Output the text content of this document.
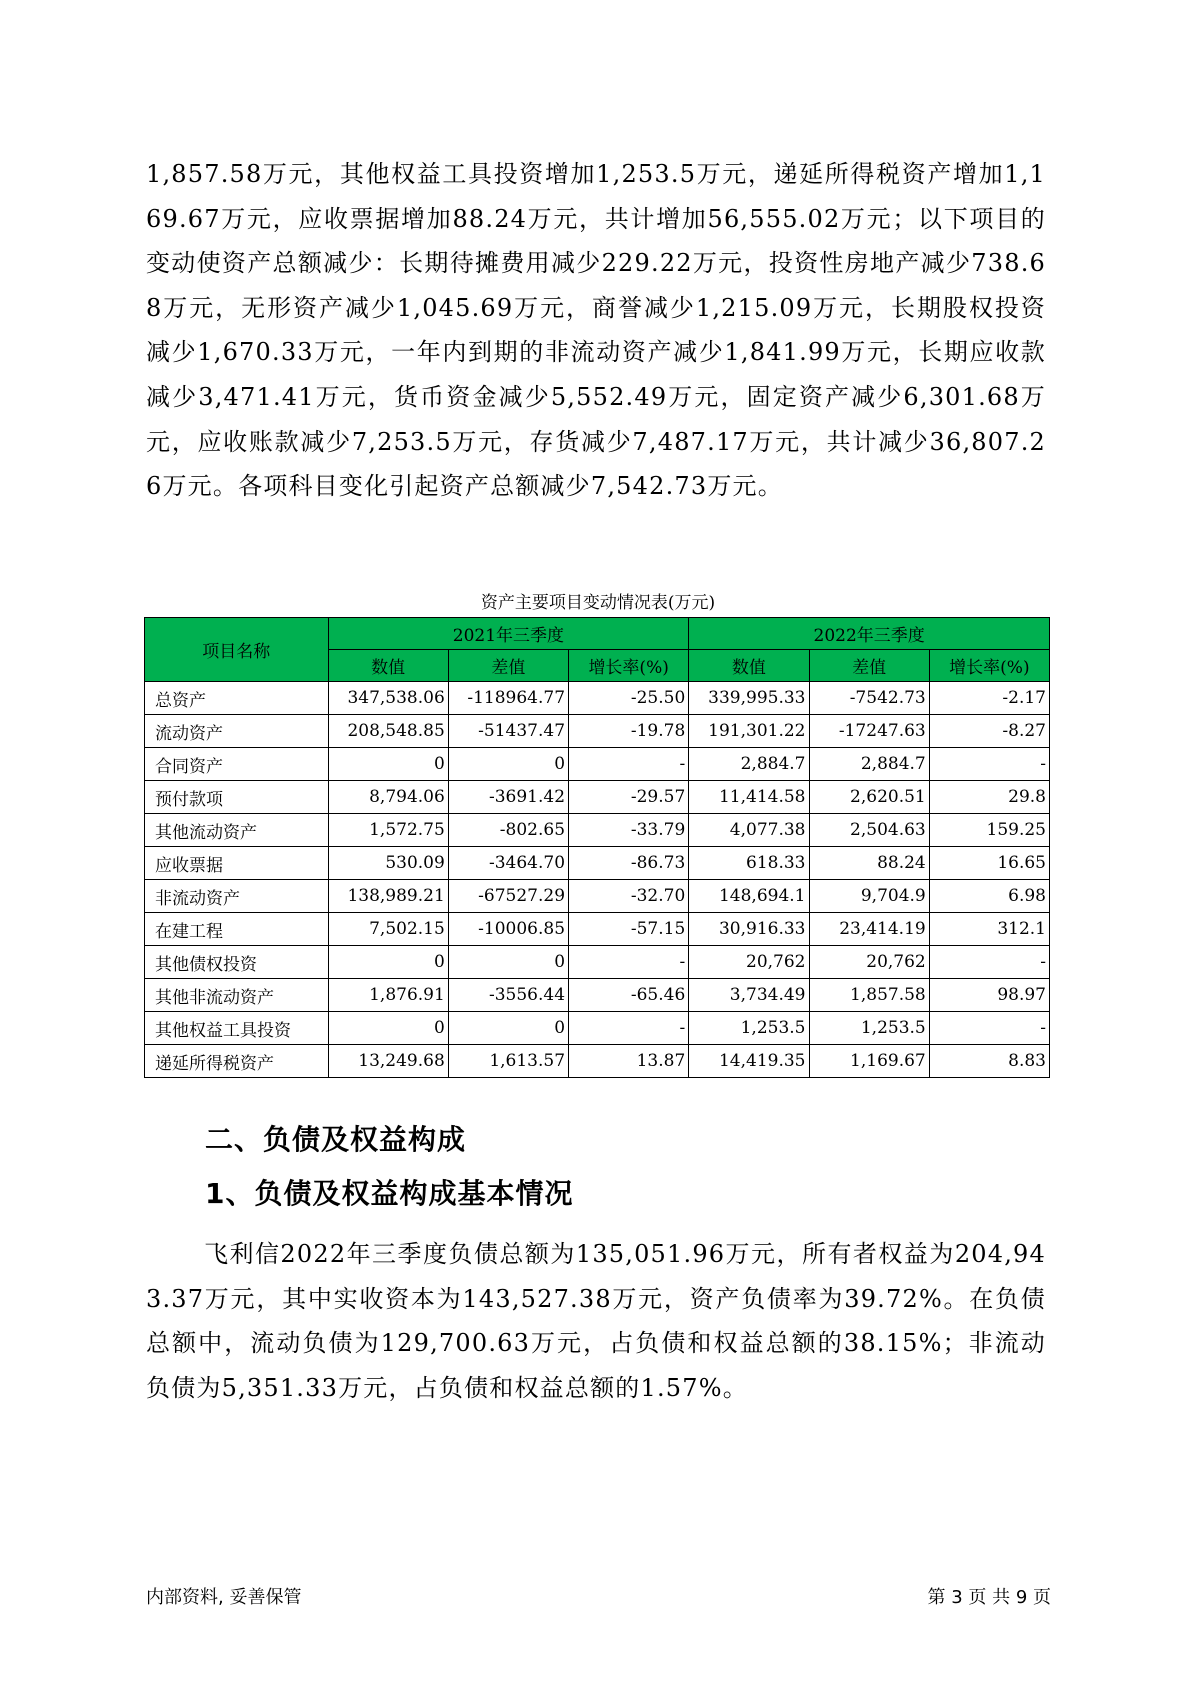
1,857.58万元，其他权益工具投资增加1,253.5万元，递延所得税资产增加1,169.67万元，应收票据增加88.24万元，共计增加56,555.02万元；以下项目的变动使资产总额减少：长期待摊费用减少229.22万元，投资性房地产减少738.68万元，无形资产减少1,045.69万元，商誉减少1,215.09万元，长期股权投资减少1,670.33万元，一年内到期的非流动资产减少1,841.99万元，长期应收款减少3,471.41万元，货币资金减少5,552.49万元，固定资产减少6,301.68万元，应收账款减少7,253.5万元，存货减少7,487.17万元，共计减少36,807.26万元。各项科目变化引起资产总额减少7,542.73万元。

资产主要项目变动情况表(万元)
项目名称	2021年三季度			2022年三季度		
	数值	差值	增长率(%)	数值	差值	增长率(%)
总资产	347,538.06	-118964.77	-25.50	339,995.33	-7542.73	-2.17
流动资产	208,548.85	-51437.47	-19.78	191,301.22	-17247.63	-8.27
合同资产	0	0	-	2,884.7	2,884.7	-
预付款项	8,794.06	-3691.42	-29.57	11,414.58	2,620.51	29.8
其他流动资产	1,572.75	-802.65	-33.79	4,077.38	2,504.63	159.25
应收票据	530.09	-3464.70	-86.73	618.33	88.24	16.65
非流动资产	138,989.21	-67527.29	-32.70	148,694.1	9,704.9	6.98
在建工程	7,502.15	-10006.85	-57.15	30,916.33	23,414.19	312.1
其他债权投资	0	0	-	20,762	20,762	-
其他非流动资产	1,876.91	-3556.44	-65.46	3,734.49	1,857.58	98.97
其他权益工具投资	0	0	-	1,253.5	1,253.5	-
递延所得税资产	13,249.68	1,613.57	13.87	14,419.35	1,169.67	8.83
二、负债及权益构成
1、负债及权益构成基本情况

飞利信2022年三季度负债总额为135,051.96万元，所有者权益为204,943.37万元，其中实收资本为143,527.38万元，资产负债率为39.72%。在负债总额中，流动负债为129,700.63万元，占负债和权益总额的38.15%；非流动负债为5,351.33万元，占负债和权益总额的1.57%。

内部资料, 妥善保管	第 3 页 共 9 页
